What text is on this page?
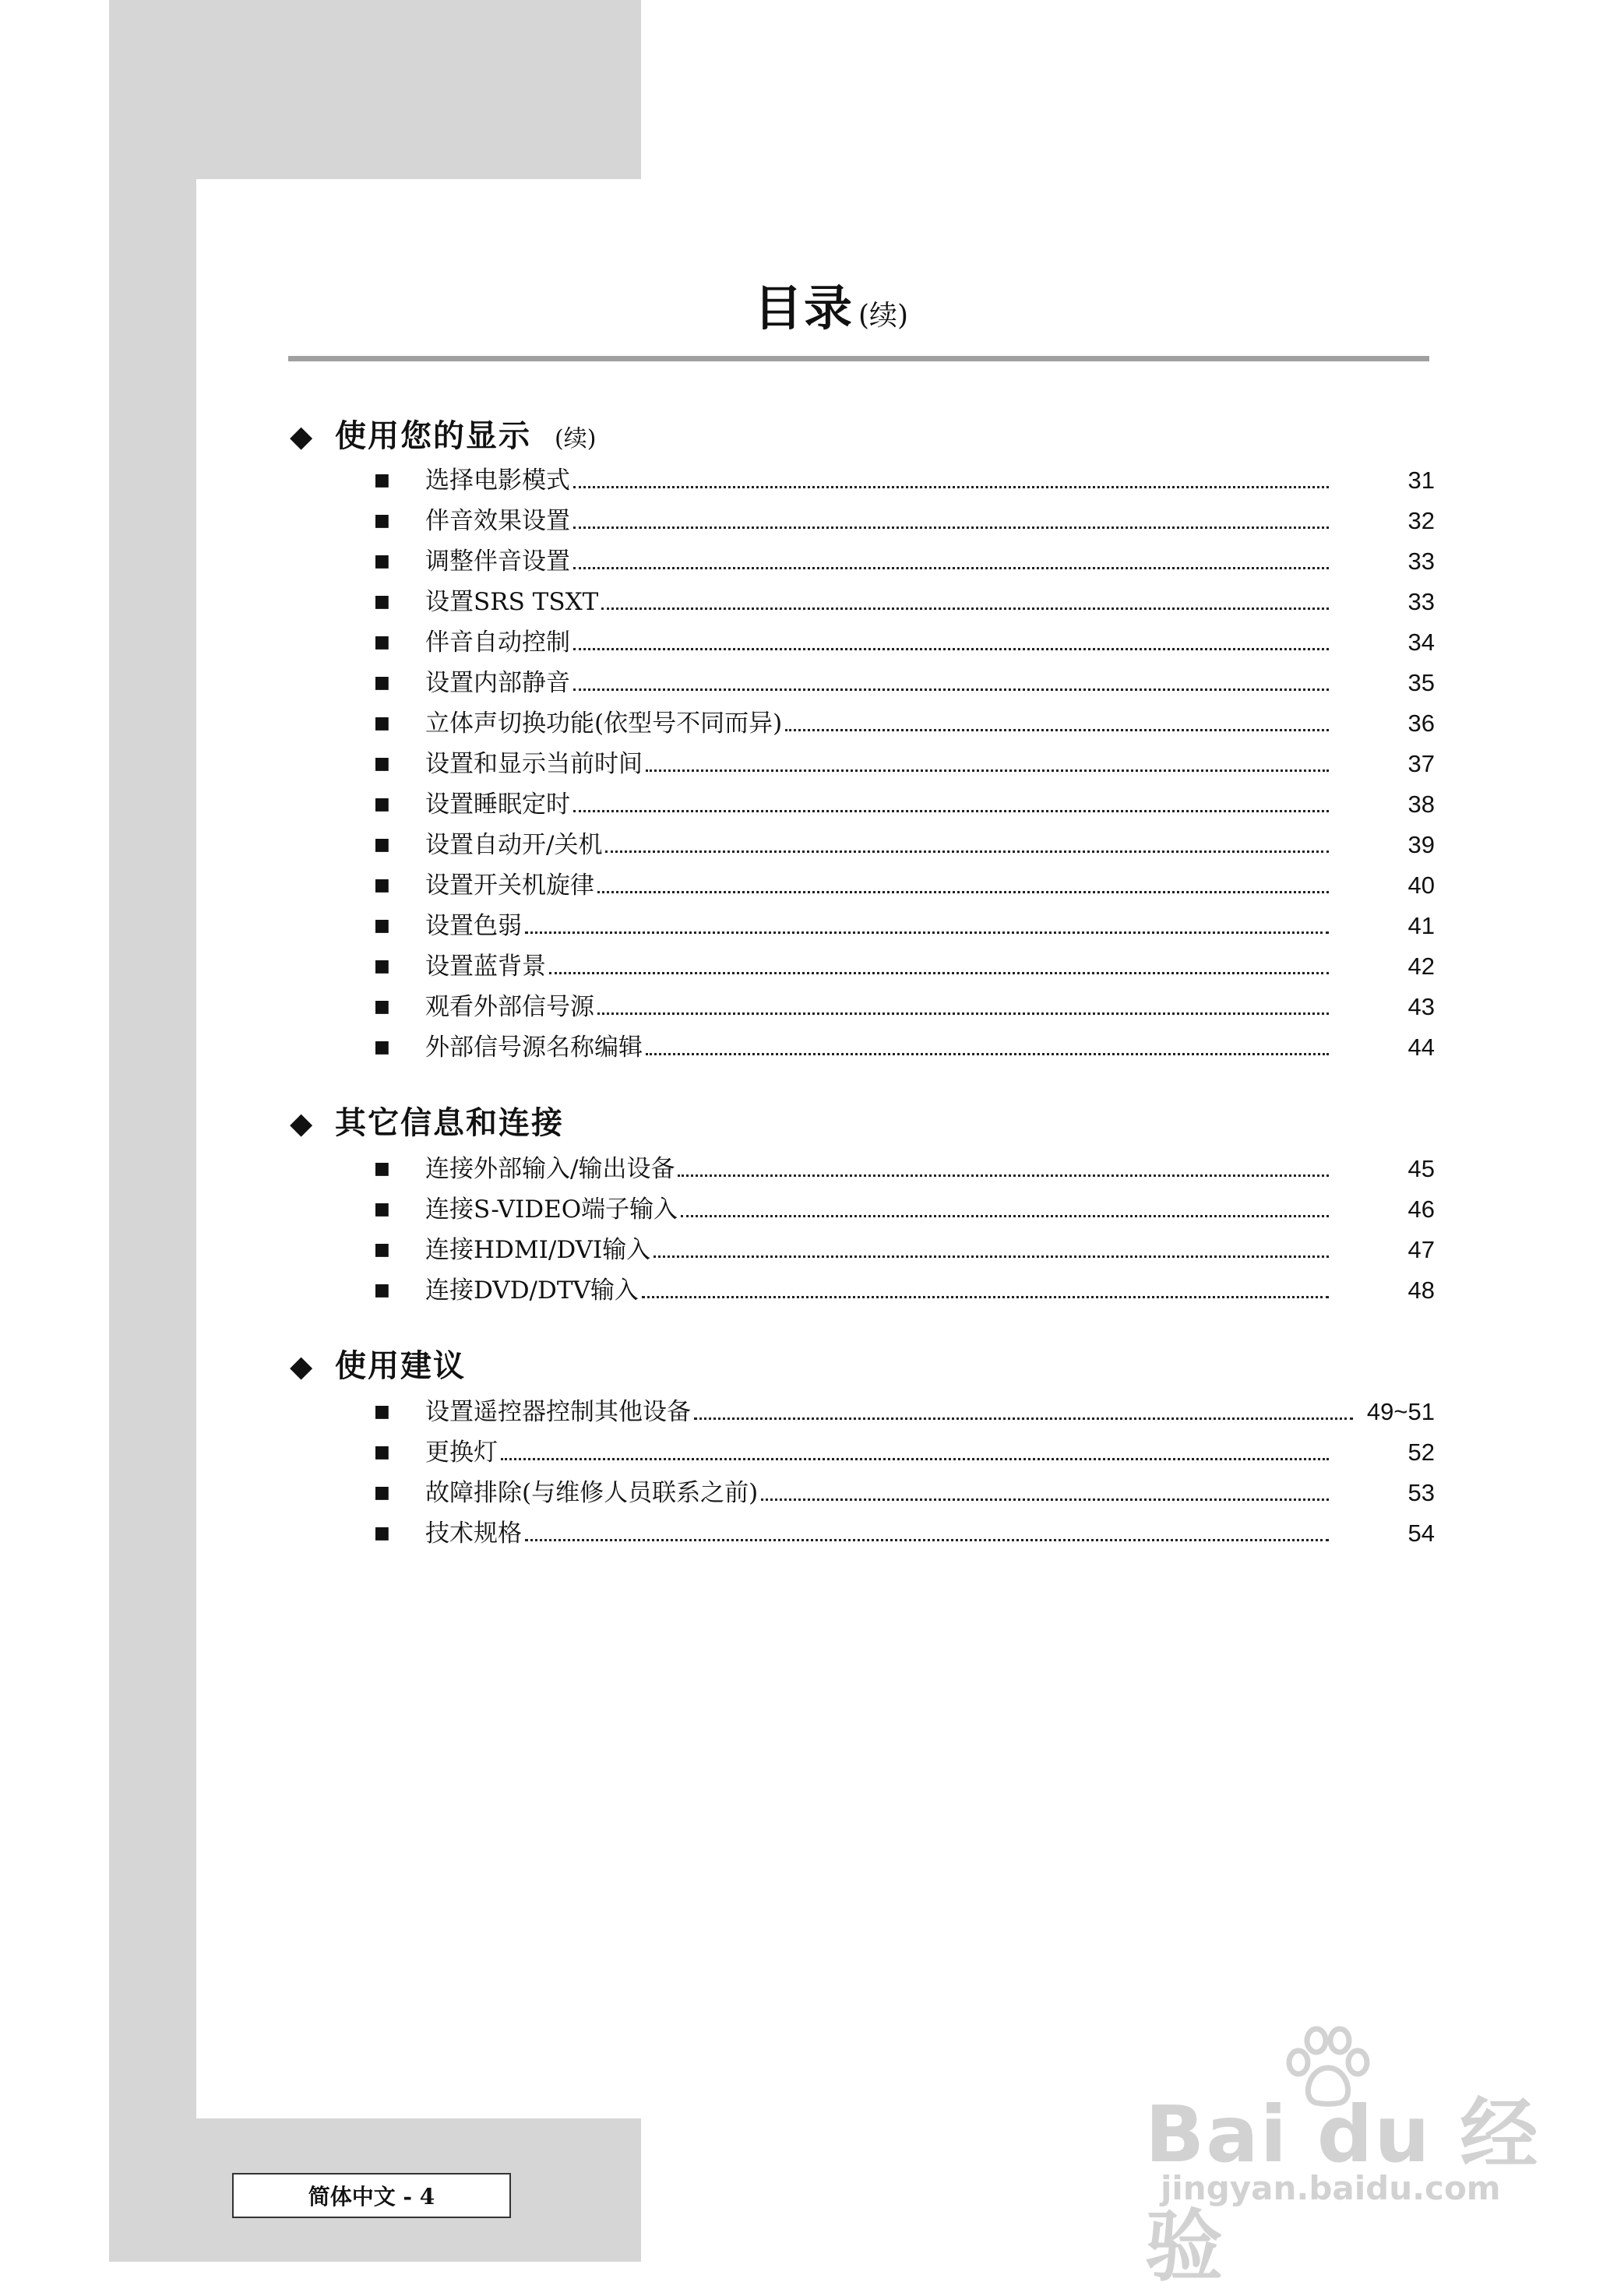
目录 (续)
◆ 使用您的显示 (续)
■	选择电影模式	31
■	伴音效果设置	32
■	调整伴音设置	33
■	设置SRS TSXT	33
■	伴音自动控制	34
■	设置内部静音	35
■	立体声切换功能(依型号不同而异)	36
■	设置和显示当前时间	37
■	设置睡眠定时	38
■	设置自动开/关机	39
■	设置开关机旋律	40
■	设置色弱	41
■	设置蓝背景	42
■	观看外部信号源	43
■	外部信号源名称编辑	44
◆ 其它信息和连接
■	连接外部输入/输出设备	45
■	连接S-VIDEO端子输入	46
■	连接HDMI/DVI输入	47
■	连接DVD/DTV输入	48
◆ 使用建议
■	设置遥控器控制其他设备	49~51
■	更换灯	52
■	故障排除(与维修人员联系之前)	53
■	技术规格	54
简体中文 - 4
Bai du 经验
jingyan.baidu.com
